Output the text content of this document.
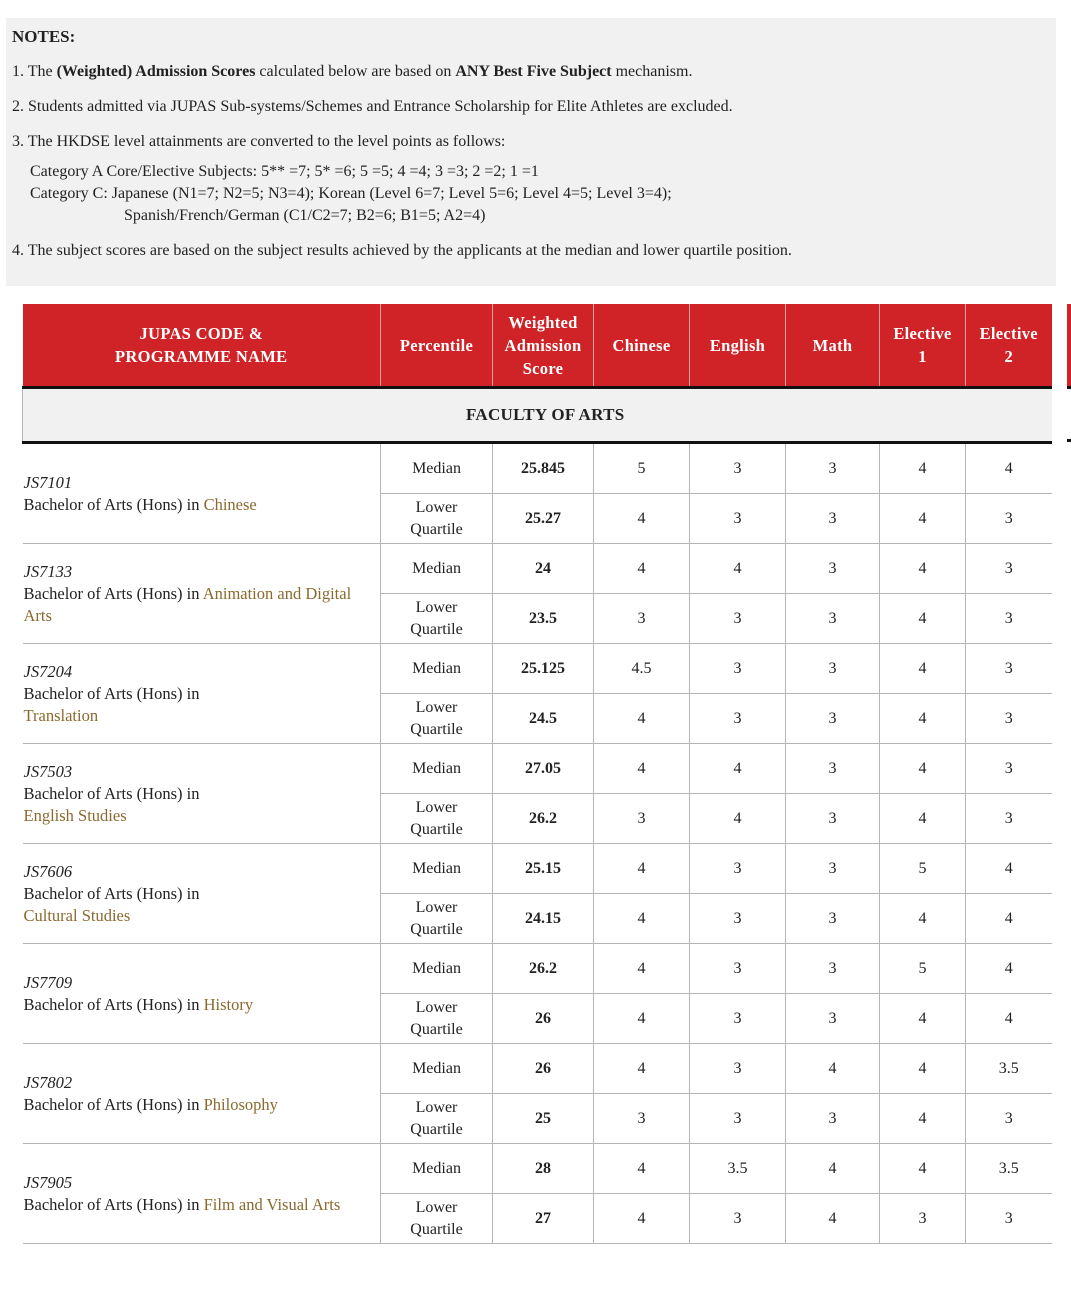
NOTES:

1. The (Weighted) Admission Scores calculated below are based on ANY Best Five Subject mechanism.

2. Students admitted via JUPAS Sub-systems/Schemes and Entrance Scholarship for Elite Athletes are excluded.

3. The HKDSE level attainments are converted to the level points as follows:

Category A Core/Elective Subjects: 5** =7; 5* =6; 5 =5; 4 =4; 3 =3; 2 =2; 1 =1
Category C: Japanese (N1=7; N2=5; N3=4); Korean (Level 6=7; Level 5=6; Level 4=5; Level 3=4);
Spanish/French/German (C1/C2=7; B2=6; B1=5; A2=4)

4. The subject scores are based on the subject results achieved by the applicants at the median and lower quartile position.

JUPAS CODE & PROGRAMME NAME	Percentile	Weighted Admission Score	Chinese	English	Math	Elective 1	Elective 2
FACULTY OF ARTS							

JS7101
Bachelor of Arts (Hons) in Chinese	Median	25.845	5	3	3	4	4
	Lower Quartile	25.27	4	3	3	4	3

JS7133
Bachelor of Arts (Hons) in Animation and Digital Arts	Median	24	4	4	3	4	3
	Lower Quartile	23.5	3	3	3	4	3

JS7204
Bachelor of Arts (Hons) in
Translation	Median	25.125	4.5	3	3	4	3
	Lower Quartile	24.5	4	3	3	4	3

JS7503
Bachelor of Arts (Hons) in
English Studies	Median	27.05	4	4	3	4	3
	Lower Quartile	26.2	3	4	3	4	3

JS7606
Bachelor of Arts (Hons) in
Cultural Studies	Median	25.15	4	3	3	5	4
	Lower Quartile	24.15	4	3	3	4	4

JS7709
Bachelor of Arts (Hons) in History	Median	26.2	4	3	3	5	4
	Lower Quartile	26	4	3	3	4	4

JS7802
Bachelor of Arts (Hons) in Philosophy	Median	26	4	3	4	4	3.5
	Lower Quartile	25	3	3	3	4	3

JS7905
Bachelor of Arts (Hons) in Film and Visual Arts	Median	28	4	3.5	4	4	3.5
	Lower Quartile	27	4	3	4	3	3
